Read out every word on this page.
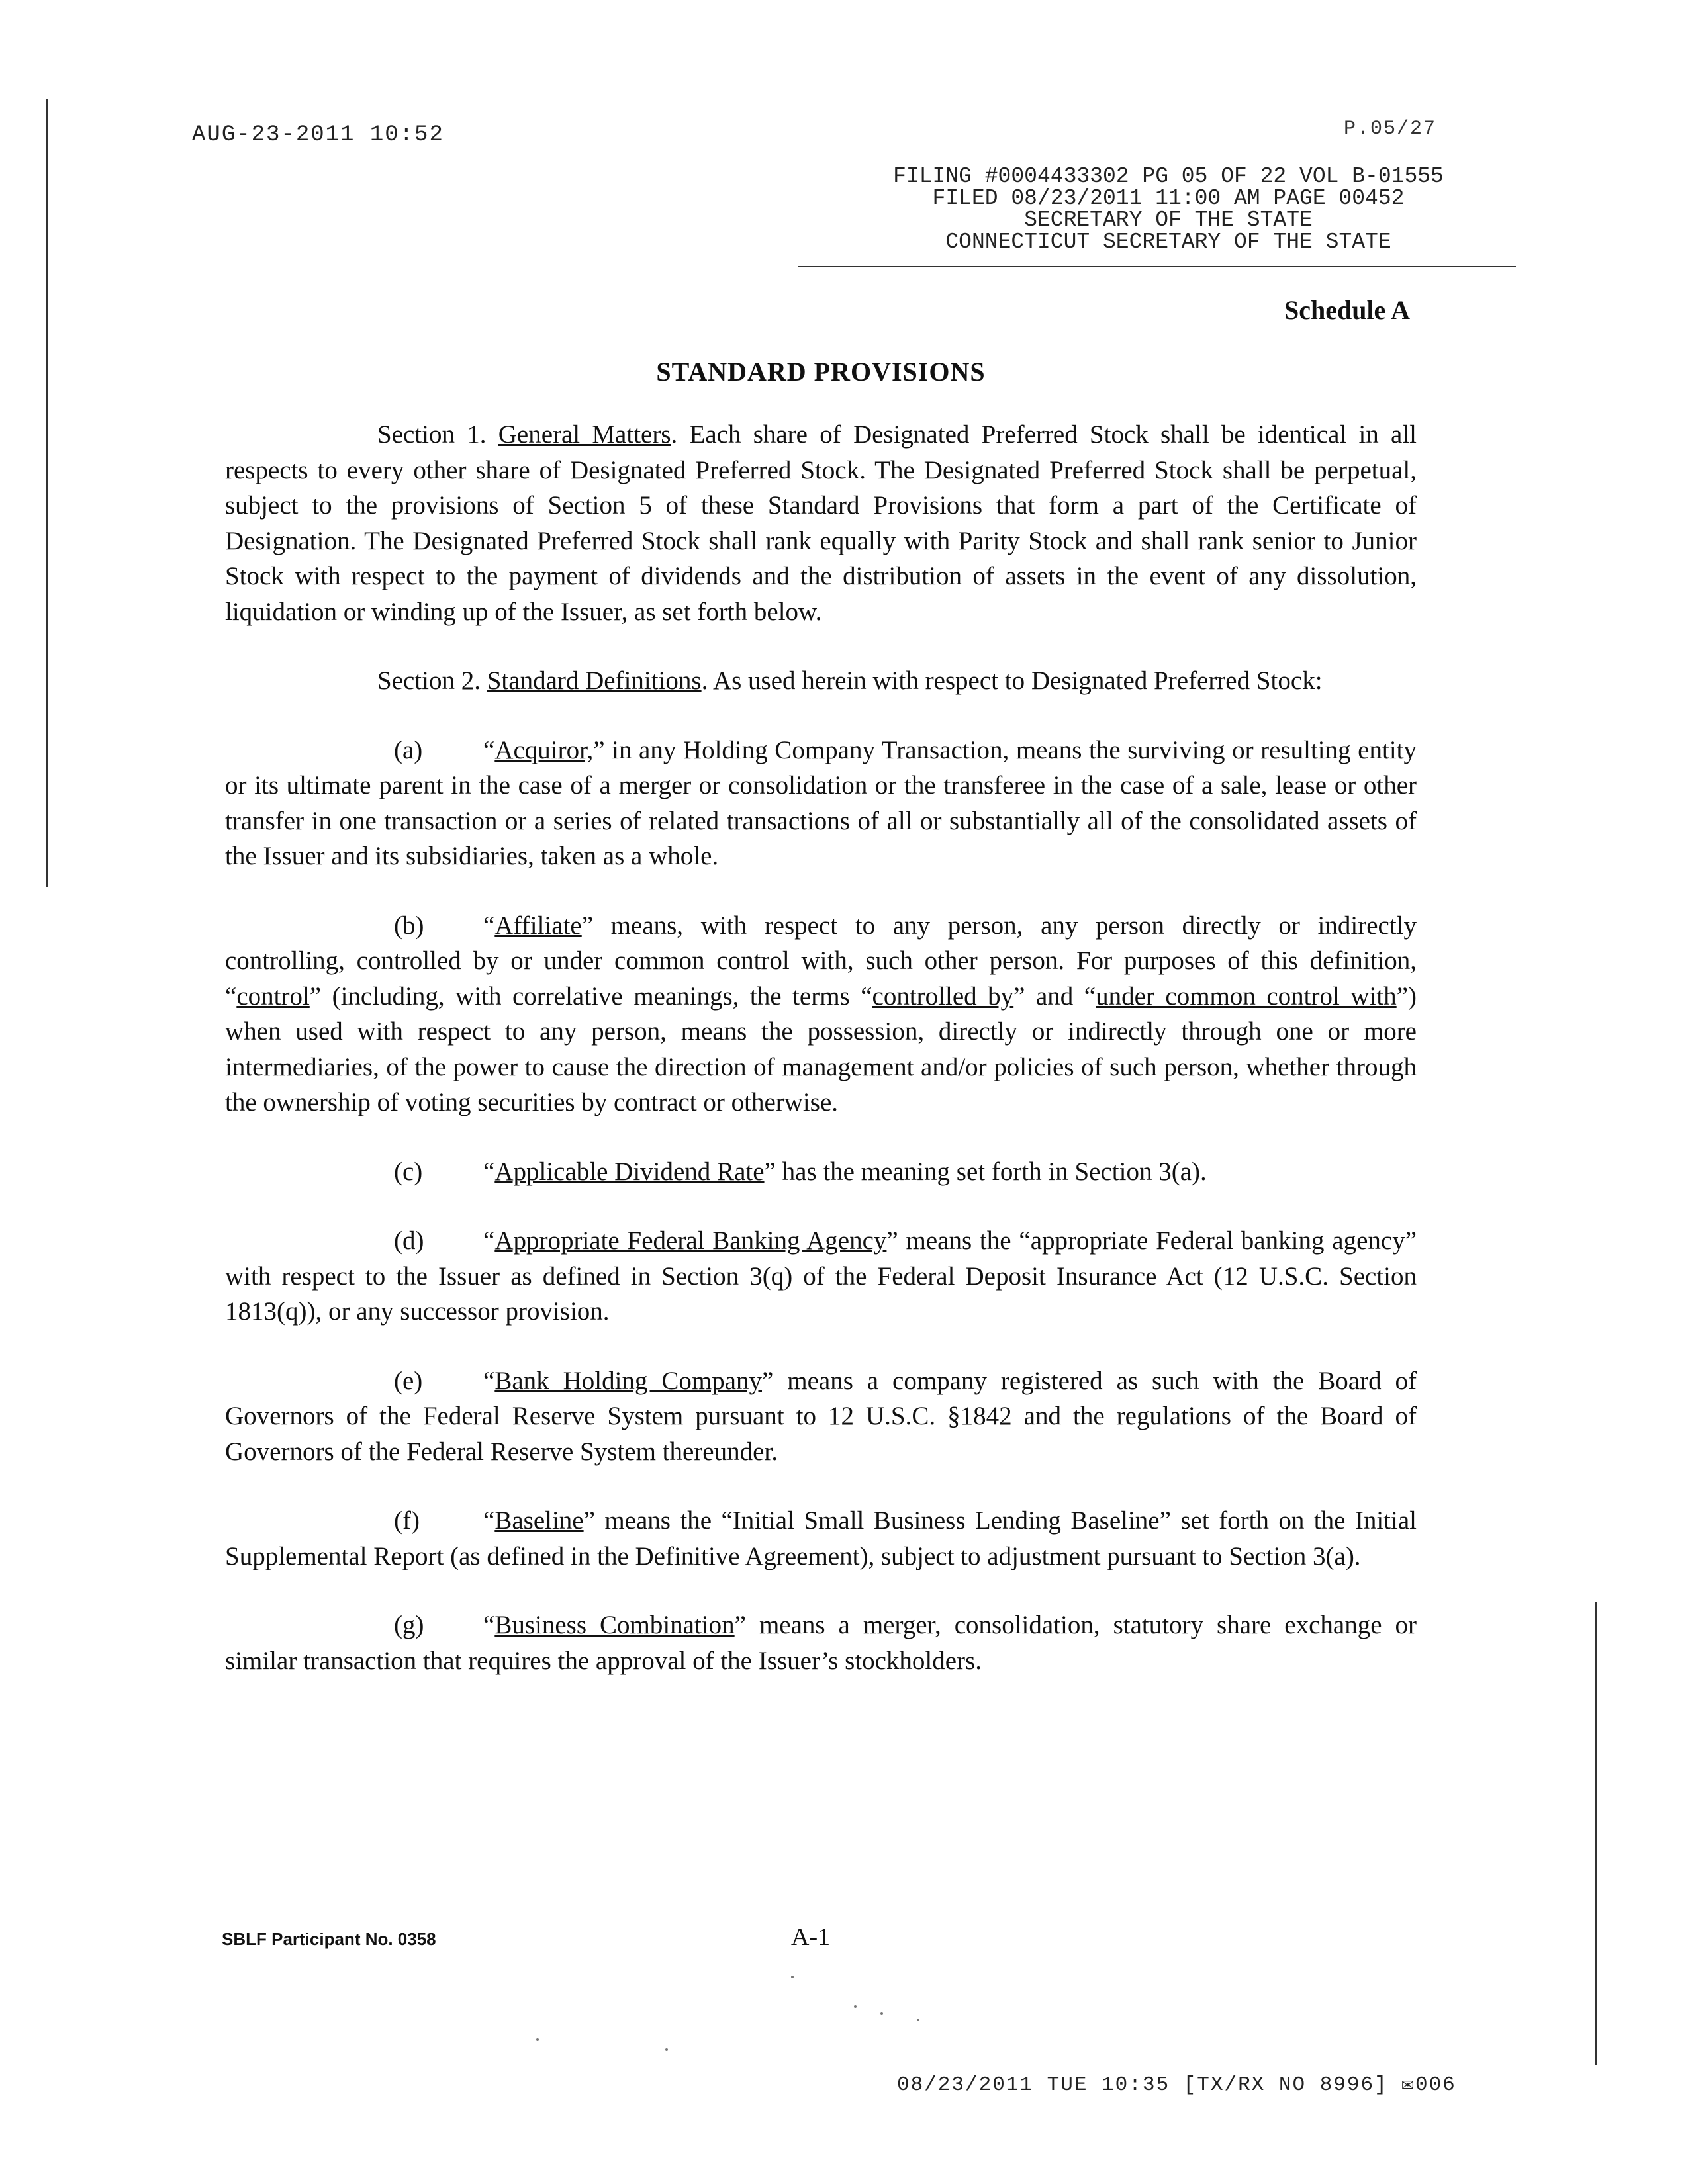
AUG-23-2011 10:52	P.05/27
FILING #0004433302 PG 05 OF 22 VOL B-01555
FILED 08/23/2011 11:00 AM PAGE 00452
SECRETARY OF THE STATE
CONNECTICUT SECRETARY OF THE STATE
Schedule A
STANDARD PROVISIONS

Section 1. General Matters. Each share of Designated Preferred Stock shall be identical in all respects to every other share of Designated Preferred Stock. The Designated Preferred Stock shall be perpetual, subject to the provisions of Section 5 of these Standard Provisions that form a part of the Certificate of Designation. The Designated Preferred Stock shall rank equally with Parity Stock and shall rank senior to Junior Stock with respect to the payment of dividends and the distribution of assets in the event of any dissolution, liquidation or winding up of the Issuer, as set forth below.

Section 2. Standard Definitions. As used herein with respect to Designated Preferred Stock:

(a) “Acquiror,” in any Holding Company Transaction, means the surviving or resulting entity or its ultimate parent in the case of a merger or consolidation or the transferee in the case of a sale, lease or other transfer in one transaction or a series of related transactions of all or substantially all of the consolidated assets of the Issuer and its subsidiaries, taken as a whole.

(b) “Affiliate” means, with respect to any person, any person directly or indirectly controlling, controlled by or under common control with, such other person. For purposes of this definition, “control” (including, with correlative meanings, the terms “controlled by” and “under common control with”) when used with respect to any person, means the possession, directly or indirectly through one or more intermediaries, of the power to cause the direction of management and/or policies of such person, whether through the ownership of voting securities by contract or otherwise.

(c) “Applicable Dividend Rate” has the meaning set forth in Section 3(a).

(d) “Appropriate Federal Banking Agency” means the “appropriate Federal banking agency” with respect to the Issuer as defined in Section 3(q) of the Federal Deposit Insurance Act (12 U.S.C. Section 1813(q)), or any successor provision.

(e) “Bank Holding Company” means a company registered as such with the Board of Governors of the Federal Reserve System pursuant to 12 U.S.C. §1842 and the regulations of the Board of Governors of the Federal Reserve System thereunder.

(f) “Baseline” means the “Initial Small Business Lending Baseline” set forth on the Initial Supplemental Report (as defined in the Definitive Agreement), subject to adjustment pursuant to Section 3(a).

(g) “Business Combination” means a merger, consolidation, statutory share exchange or similar transaction that requires the approval of the Issuer’s stockholders.

SBLF Participant No. 0358	A-1
08/23/2011 TUE 10:35 [TX/RX NO 8996] ✉006
